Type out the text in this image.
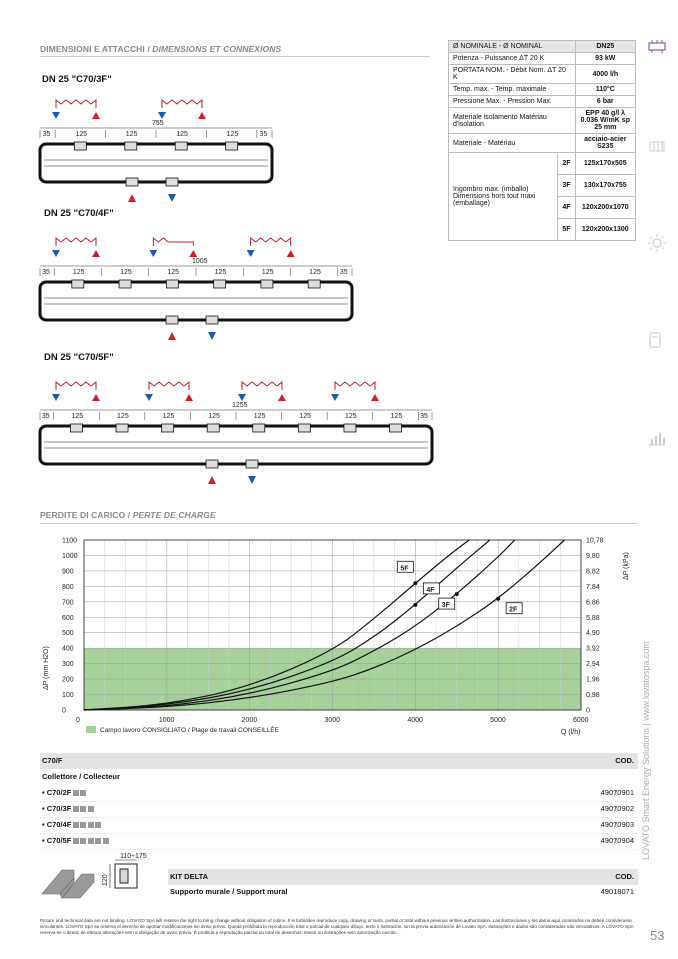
DIMENSIONI E ATTACCHI / DIMENSIONS ET CONNEXIONS
DN 25 "C70/3F"
DN 25 "C70/4F"
DN 25 "C70/5F"
755
35	125	125	125	125	35
1005
35	125	125	125	125	125	125	35
1255
35	125	125	125	125	125	125	125	125	35
Ø NOMINALE - Ø NOMINAL		DN25
Potenza - Puissance ΔT 20 K		93 kW
PORTATA NOM. - Débit Nom. ΔT 20 K		4000 l/h
Temp. max. - Temp. maximale		110°C
Pressione Max. - Pression Max.		6 bar
Materiale isolamento Matériau d'isolation		EPP 40 g/l λ 0.036 W/mK sp 25 mm
Materiale - Matériau		acciaio-acier S235
Ingombro max. (imballo) Dimensions hors tout maxi (emballage)	2F	125x170x505
	3F	130x170x755
	4F	120x200x1070
	5F	120x200x1300
PERDITE DI CARICO / PERTE DE CHARGE
0
100
200
300
400
500
600
700
800
900
1000
1100
0
0,98
1,96
2,94
3,92
4,90
5,88
6,86
7,84
8,82
9,80
10,78
0	1000	2000	3000	4000	5000	6000
ΔP (mm H2O)
ΔP (kPa)
Q (l/h)
Campo lavoro CONSIGLIATO / Plage de travail CONSEILLÉE
5F
4F
3F
2F
C70/F	COD.
Collettore / Collecteur
• C70/2F	49070901
• C70/3F	49070902
• C70/4F	49070903
• C70/5F	49070904
110÷175
120	KIT DELTA	COD.
Supporto murale / Support mural	49018071
LOVATO Smart Energy Solutions | www.lovatospa.com
53
Picture and technical data are not binding. LOVATO SpA will reserve the right to bring change without obligation of notice. It is forbidden reproduce copy, drawing or texts, partial or total without previous written authorization. Las ilustraciones y los datos aquí contenidos no deben considerarse vinculantes. LOVATO SpA se reserva el derecho de aportar modificaciones sin aviso previo. Queda prohibida la reproducción total o parcial de cualquier dibujo, texto o ilustración, sin la previa autorización de Lovato SpA. Ilustrações e dados são considerados não vinculativos. A LOVATO SpA reserva-se o direito de efetuar alterações sem a obrigação de aviso prévio. É proibida a reprodução parcial ou total de desenhos, textos ou ilustrações sem autorização escrita.
